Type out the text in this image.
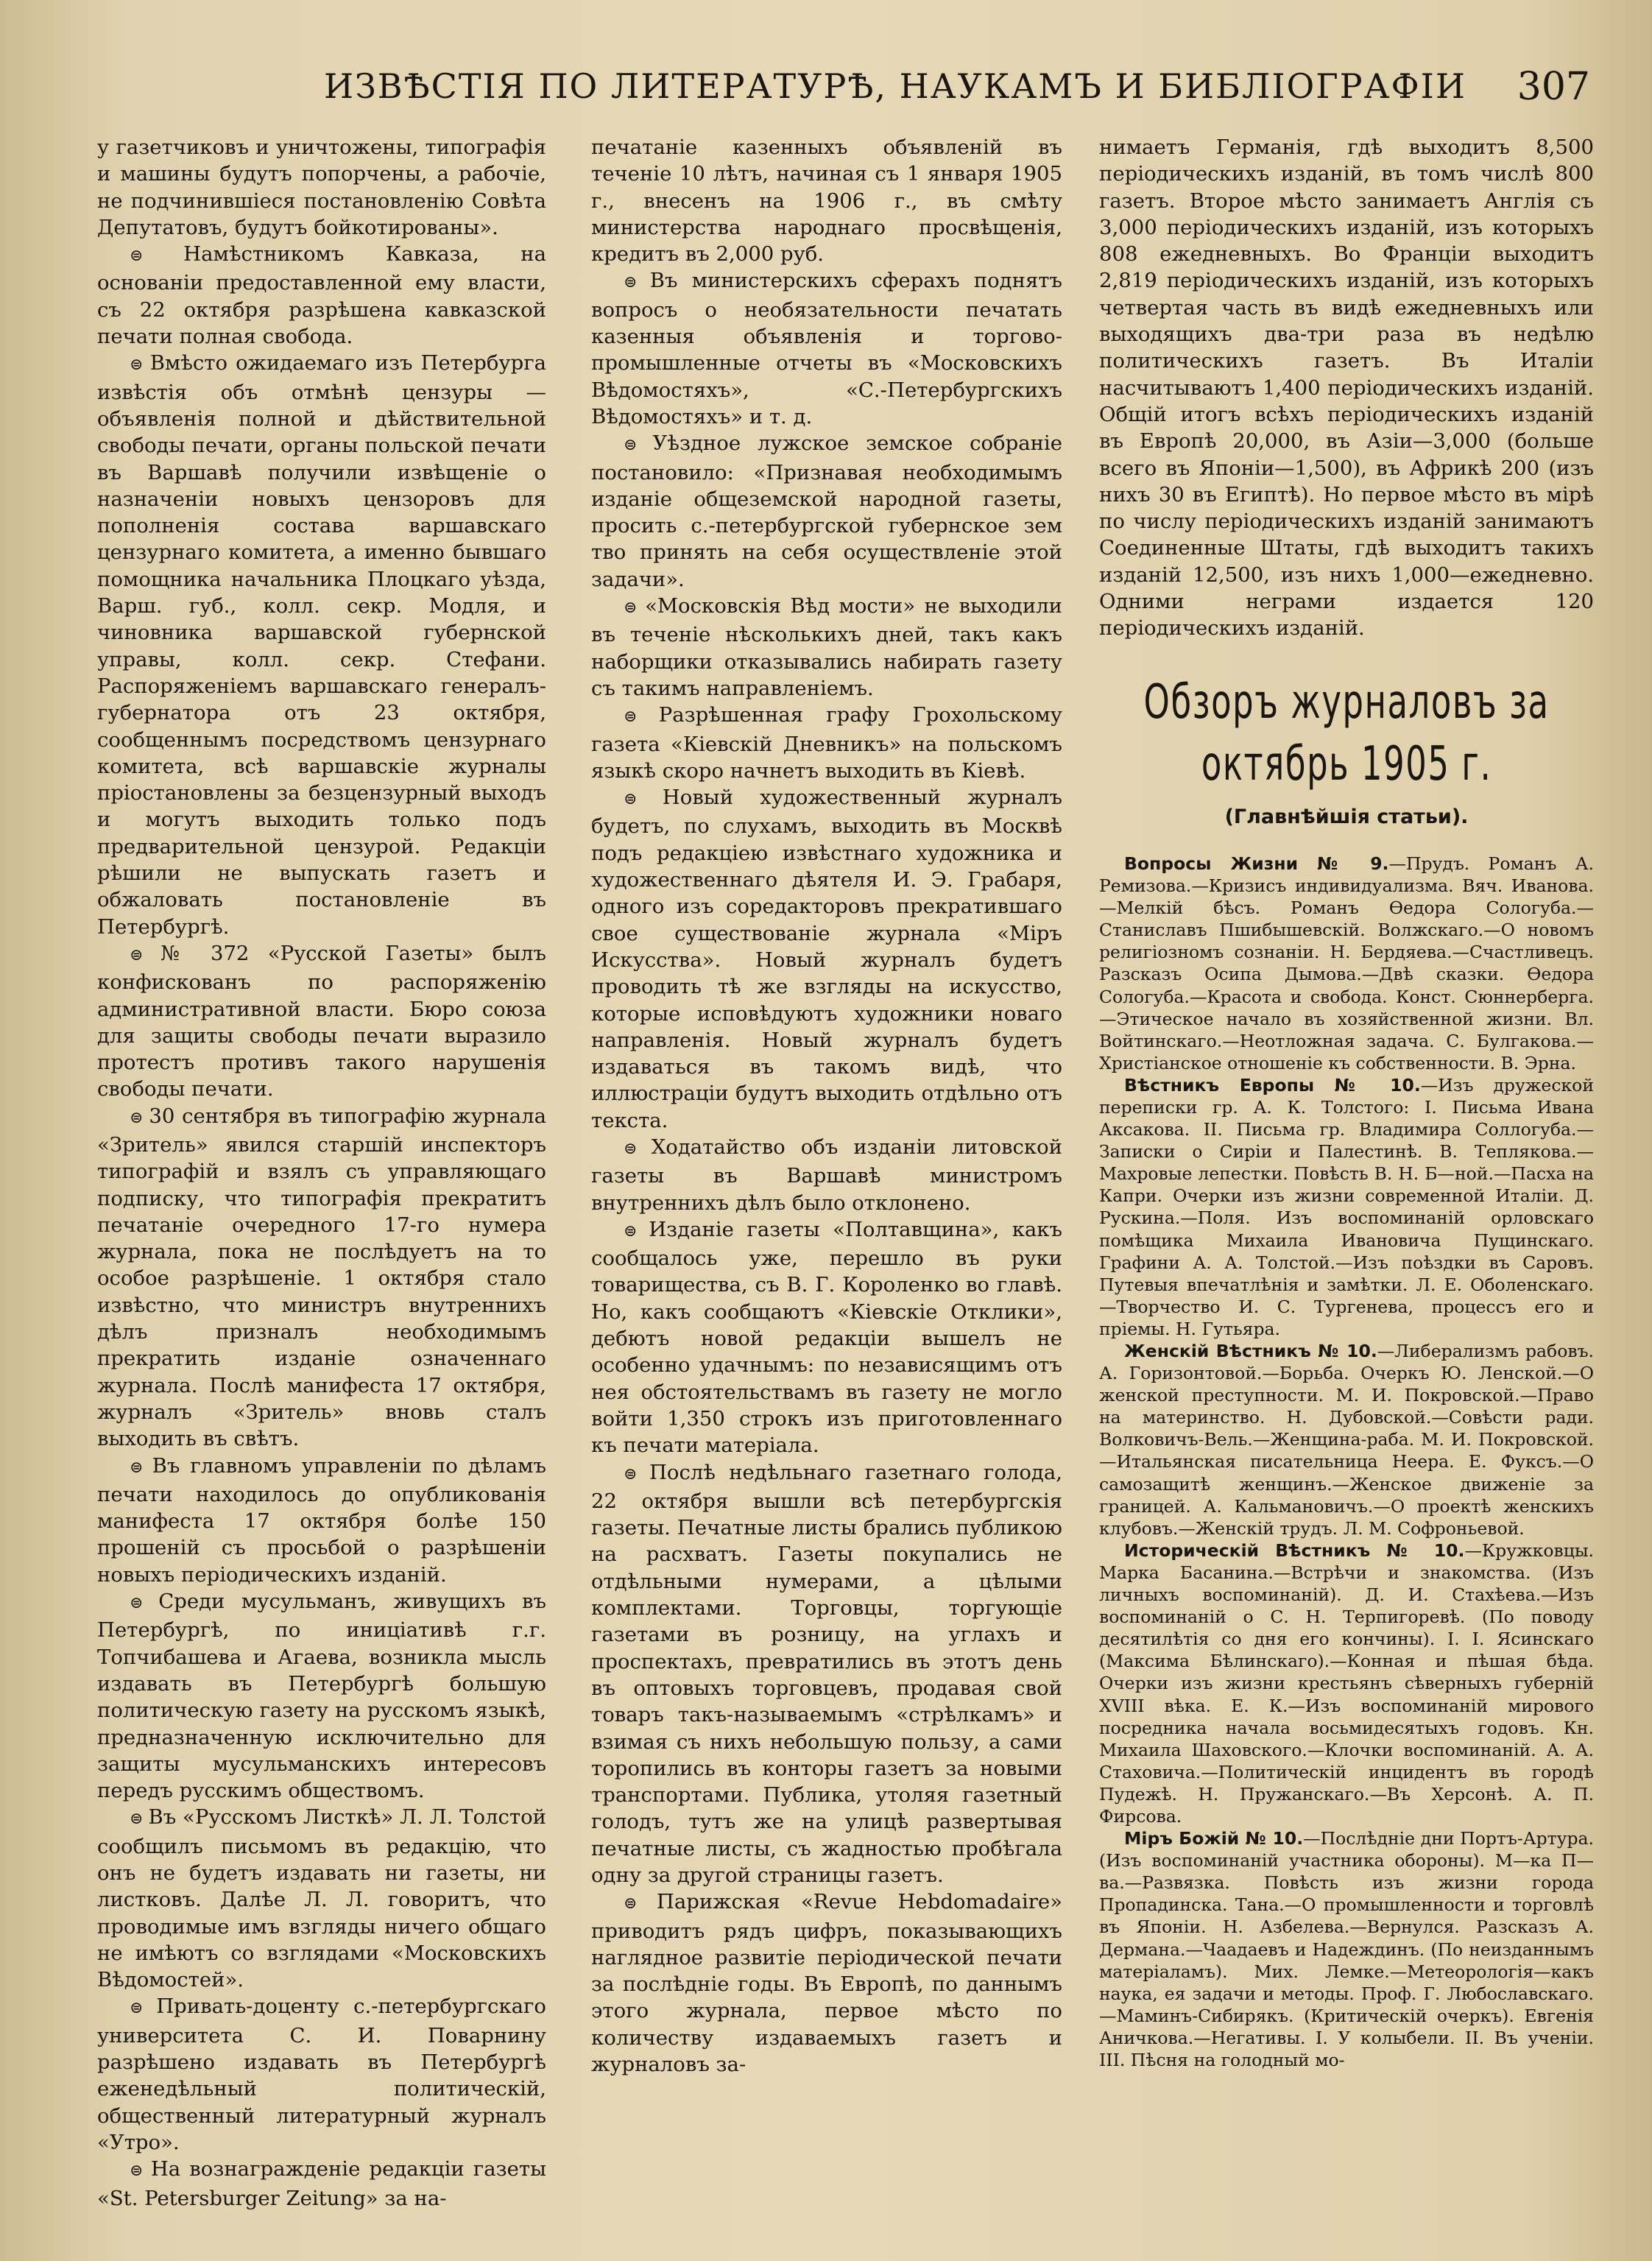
ИЗВѢСТІЯ ПО ЛИТЕРАТУРѢ, НАУКАМЪ И БИБЛІОГРАФІИ 307

у газетчиковъ и уничтожены, типографія и машины будутъ попорчены, а рабочіе, не подчинившіеся постановленію Совѣта Депутатовъ, будутъ бойкотированы».

⊜ Намѣстникомъ Кавказа, на основаніи предоставленной ему власти, съ 22 октября разрѣшена кавказской печати полная свобода.

⊜ Вмѣсто ожидаемаго изъ Петербурга извѣстія объ отмѣнѣ цензуры —объявленія полной и дѣйствительной свободы печати, органы польской печати въ Варшавѣ получили извѣщеніе о назначеніи новыхъ цензоровъ для пополненія состава варшавскаго цензурнаго комитета, а именно бывшаго помощника начальника Плоцкаго уѣзда, Варш. губ., колл. секр. Модля, и чиновника варшавской губернской управы, колл. секр. Стефани. Распоряженіемъ варшавскаго генералъ-губернатора отъ 23 октября, сообщеннымъ посредствомъ цензурнаго комитета, всѣ варшавскіе журналы пріостановлены за безцензурный выходъ и могутъ выходить только подъ предварительной цензурой. Редакціи рѣшили не выпускать газетъ и обжаловать постановленіе въ Петербургѣ.

⊜ № 372 «Русской Газеты» былъ конфискованъ по распоряженію административной власти. Бюро союза для защиты свободы печати выразило протестъ противъ такого нарушенія свободы печати.

⊜ 30 сентября въ типографію журнала «Зритель» явился старшій инспекторъ типографій и взялъ съ управляющаго подписку, что типографія прекратитъ печатаніе очередного 17-го нумера журнала, пока не послѣдуетъ на то особое разрѣшеніе. 1 октября стало извѣстно, что министръ внутреннихъ дѣлъ призналъ необходимымъ прекратить изданіе означеннаго журнала. Послѣ манифеста 17 октября, журналъ «Зритель» вновь сталъ выходить въ свѣтъ.

⊜ Въ главномъ управленіи по дѣламъ печати находилось до опубликованія манифеста 17 октября болѣе 150 прошеній съ просьбой о разрѣшеніи новыхъ періодическихъ изданій.

⊜ Среди мусульманъ, живущихъ въ Петербургѣ, по иниціативѣ г.г. Топчибашева и Агаева, возникла мысль издавать въ Петербургѣ большую политическую газету на русскомъ языкѣ, предназначенную исключительно для защиты мусульманскихъ интересовъ передъ русскимъ обществомъ.

⊜ Въ «Русскомъ Листкѣ» Л. Л. Толстой сообщилъ письмомъ въ редакцію, что онъ не будетъ издавать ни газеты, ни листковъ. Далѣе Л. Л. говоритъ, что проводимые имъ взгляды ничего общаго не имѣютъ со взглядами «Московскихъ Вѣдомостей».

⊜ Привать-доценту с.-петербургскаго университета С. И. Поварнину разрѣшено издавать въ Петербургѣ еженедѣльный политическій, общественный литературный журналъ «Утро».

⊜ На вознагражденіе редакціи газеты «St. Petersburger Zeitung» за на-

печатаніе казенныхъ объявленій въ теченіе 10 лѣтъ, начиная съ 1 января 1905 г., внесенъ на 1906 г., въ смѣту министерства народнаго просвѣщенія, кредитъ въ 2,000 руб.

⊜ Въ министерскихъ сферахъ поднятъ вопросъ о необязательности печатать казенныя объявленія и торгово-промышленные отчеты въ «Московскихъ Вѣдомостяхъ», «С.-Петербургскихъ Вѣдомостяхъ» и т. д.

⊜ Уѣздное лужское земское собраніе постановило: «Признавая необходимымъ изданіе общеземской народной газеты, просить с.-петербургской губернское зем тво принять на себя осуществленіе этой задачи».

⊜ «Московскія Вѣд мости» не выходили въ теченіе нѣсколькихъ дней, такъ какъ наборщики отказывались набирать газету съ такимъ направленіемъ.

⊜ Разрѣшенная графу Грохольскому газета «Кіевскій Дневникъ» на польскомъ языкѣ скоро начнетъ выходить въ Кіевѣ.

⊜ Новый художественный журналъ будетъ, по слухамъ, выходить въ Москвѣ подъ редакціею извѣстнаго художника и художественнаго дѣятеля И. Э. Грабаря, одного изъ соредакторовъ прекратившаго свое существованіе журнала «Міръ Искусства». Новый журналъ будетъ проводить тѣ же взгляды на искусство, которые исповѣдуютъ художники новаго направленія. Новый журналъ будетъ издаваться въ такомъ видѣ, что иллюстраціи будутъ выходить отдѣльно отъ текста.

⊜ Ходатайство объ изданіи литовской газеты въ Варшавѣ министромъ внутреннихъ дѣлъ было отклонено.

⊜ Изданіе газеты «Полтавщина», какъ сообщалось уже, перешло въ руки товарищества, съ В. Г. Короленко во главѣ. Но, какъ сообщаютъ «Кіевскіе Отклики», дебютъ новой редакціи вышелъ не особенно удачнымъ: по независящимъ отъ нея обстоятельствамъ въ газету не могло войти 1,350 строкъ изъ приготовленнаго къ печати матеріала.

⊜ Послѣ недѣльнаго газетнаго голода, 22 октября вышли всѣ петербургскія газеты. Печатные листы брались публикою на расхватъ. Газеты покупались не отдѣльными нумерами, а цѣлыми комплектами. Торговцы, торгующіе газетами въ розницу, на углахъ и проспектахъ, превратились въ этотъ день въ оптовыхъ торговцевъ, продавая свой товаръ такъ-называемымъ «стрѣлкамъ» и взимая съ нихъ небольшую пользу, а сами торопились въ конторы газетъ за новыми транспортами. Публика, утоляя газетный голодъ, тутъ же на улицѣ развертывая печатные листы, съ жадностью пробѣгала одну за другой страницы газетъ.

⊜ Парижская «Revue Hebdomadaire» приводитъ рядъ цифръ, показывающихъ наглядное развитіе періодической печати за послѣдніе годы. Въ Европѣ, по даннымъ этого журнала, первое мѣсто по количеству издаваемыхъ газетъ и журналовъ за-

нимаетъ Германія, гдѣ выходитъ 8,500 періодическихъ изданій, въ томъ числѣ 800 газетъ. Второе мѣсто занимаетъ Англія съ 3,000 періодическихъ изданій, изъ которыхъ 808 ежедневныхъ. Во Франціи выходитъ 2,819 періодическихъ изданій, изъ которыхъ четвертая часть въ видѣ ежедневныхъ или выходящихъ два-три раза въ недѣлю политическихъ газетъ. Въ Италіи насчитываютъ 1,400 періодическихъ изданій. Общій итогъ всѣхъ періодическихъ изданій въ Европѣ 20,000, въ Азіи—3,000 (больше всего въ Японіи—1,500), въ Африкѣ 200 (изъ нихъ 30 въ Египтѣ). Но первое мѣсто въ мірѣ по числу періодическихъ изданій занимаютъ Соединенные Штаты, гдѣ выходитъ такихъ изданій 12,500, изъ нихъ 1,000—ежедневно. Одними неграми издается 120 періодическихъ изданій.

Обзоръ журналовъ за октябрь 1905 г.
(Главнѣйшія статьи).

Вопросы Жизни № 9.—Прудъ. Романъ А. Ремизова.—Кризисъ индивидуализма. Вяч. Иванова.—Мелкій бѣсъ. Романъ Ѳедора Сологуба.—Станиславъ Пшибышевскій. Волжскаго.—О новомъ религіозномъ сознаніи. Н. Бердяева.—Счастливецъ. Разсказъ Осипа Дымова.—Двѣ сказки. Ѳедора Сологуба.—Красота и свобода. Конст. Сюннерберга.—Этическое начало въ хозяйственной жизни. Вл. Войтинскаго.—Неотложная задача. С. Булгакова.—Христіанское отношеніе къ собственности. В. Эрна.

Вѣстникъ Европы № 10.—Изъ дружеской переписки гр. А. К. Толстого: I. Письма Ивана Аксакова. II. Письма гр. Владимира Соллогуба.—Записки о Сиріи и Палестинѣ. В. Теплякова.—Махровые лепестки. Повѣсть В. Н. Б—ной.—Пасха на Капри. Очерки изъ жизни современной Италіи. Д. Рускина.—Поля. Изъ воспоминаній орловскаго помѣщика Михаила Ивановича Пущинскаго. Графини А. А. Толстой.—Изъ поѣздки въ Саровъ. Путевыя впечатлѣнія и замѣтки. Л. Е. Оболенскаго.—Творчество И. С. Тургенева, процессъ его и пріемы. Н. Гутьяра.

Женскій Вѣстникъ № 10.—Либерализмъ рабовъ. А. Горизонтовой.—Борьба. Очеркъ Ю. Ленской.—О женской преступности. М. И. Покровской.—Право на материнство. Н. Дубовской.—Совѣсти ради. Волковичъ-Вель.—Женщина-раба. М. И. Покровской.—Итальянская писательница Неера. Е. Фуксъ.—О самозащитѣ женщинъ.—Женское движеніе за границей. А. Кальмановичъ.—О проектѣ женскихъ клубовъ.—Женскій трудъ. Л. М. Софроньевой.

Историческій Вѣстникъ № 10.—Кружковцы. Марка Басанина.—Встрѣчи и знакомства. (Изъ личныхъ воспоминаній). Д. И. Стахѣева.—Изъ воспоминаній о С. Н. Терпигоревѣ. (По поводу десятилѣтія со дня его кончины). I. I. Ясинскаго (Максима Бѣлинскаго).—Конная и пѣшая бѣда. Очерки изъ жизни крестьянъ сѣверныхъ губерній XVIII вѣка. Е. К.—Изъ воспоминаній мирового посредника начала восьмидесятыхъ годовъ. Кн. Михаила Шаховского.—Клочки воспоминаній. А. А. Стаховича.—Политическій инцидентъ въ городѣ Пудежѣ. Н. Пружанскаго.—Въ Херсонѣ. А. П. Фирсова.

Міръ Божій № 10.—Послѣдніе дни Портъ-Артура. (Изъ воспоминаній участника обороны). М—ка П—ва.—Развязка. Повѣсть изъ жизни города Пропадинска. Тана.—О промышленности и торговлѣ въ Японіи. Н. Азбелева.—Вернулся. Разсказъ А. Дермана.—Чаадаевъ и Надеждинъ. (По неизданнымъ матеріаламъ). Мих. Лемке.—Метеорологія—какъ наука, ея задачи и методы. Проф. Г. Любославскаго.—Маминъ-Сибирякъ. (Критическій очеркъ). Евгенія Аничкова.—Негативы. I. У колыбели. II. Въ ученіи. III. Пѣсня на голодный мо-
